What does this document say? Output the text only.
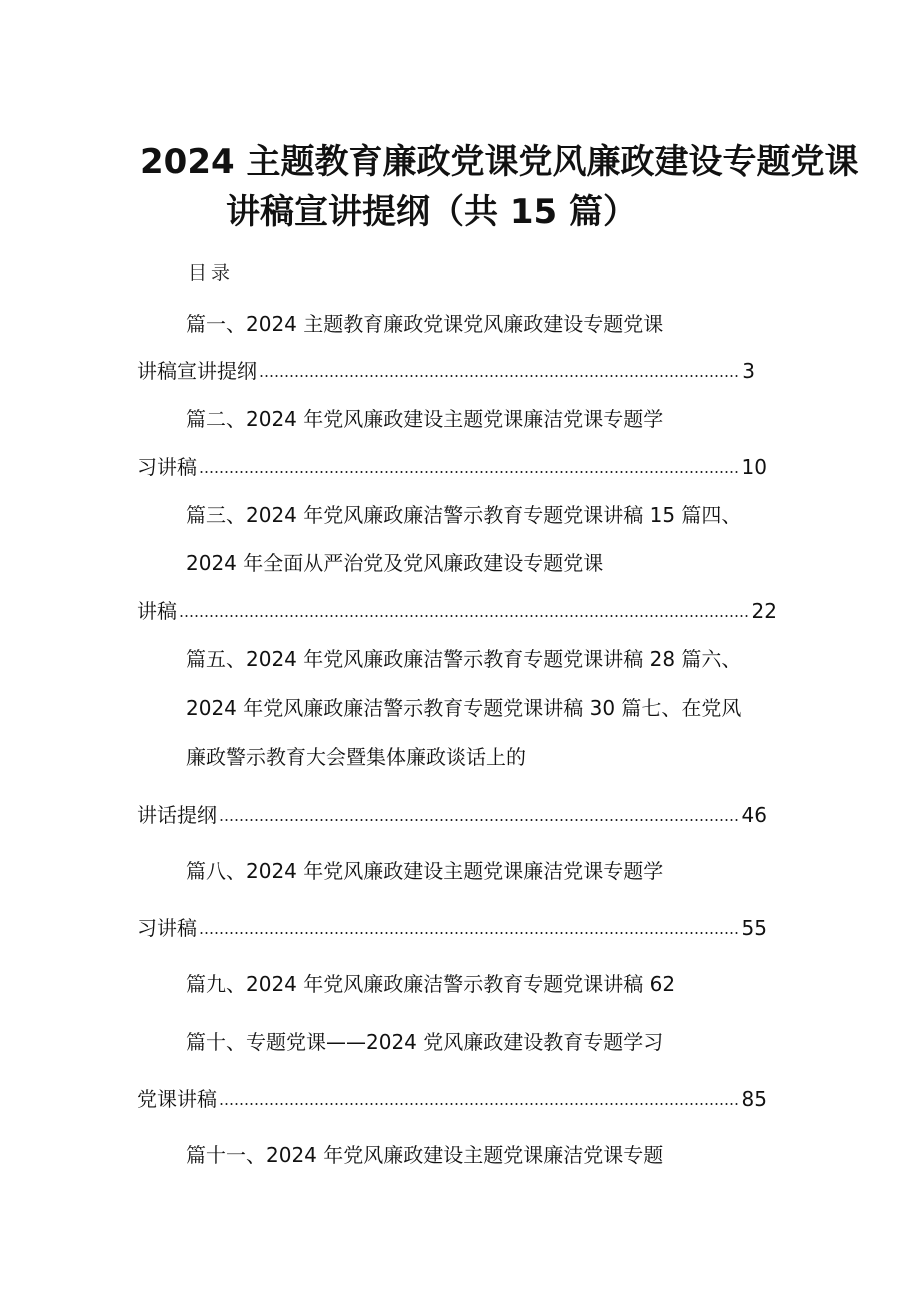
2024 主题教育廉政党课党风廉政建设专题党课
讲稿宣讲提纲（共 15 篇）
目录
篇一、2024 主题教育廉政党课党风廉政建设专题党课
讲稿宣讲提纲	3
篇二、2024 年党风廉政建设主题党课廉洁党课专题学
习讲稿	10
篇三、2024 年党风廉政廉洁警示教育专题党课讲稿 15 篇四、
2024 年全面从严治党及党风廉政建设专题党课
讲稿	22
篇五、2024 年党风廉政廉洁警示教育专题党课讲稿 28 篇六、
2024 年党风廉政廉洁警示教育专题党课讲稿 30 篇七、在党风
廉政警示教育大会暨集体廉政谈话上的
讲话提纲	46
篇八、2024 年党风廉政建设主题党课廉洁党课专题学
习讲稿	55
篇九、2024 年党风廉政廉洁警示教育专题党课讲稿 62
篇十、专题党课——2024 党风廉政建设教育专题学习
党课讲稿	85
篇十一、2024 年党风廉政建设主题党课廉洁党课专题
